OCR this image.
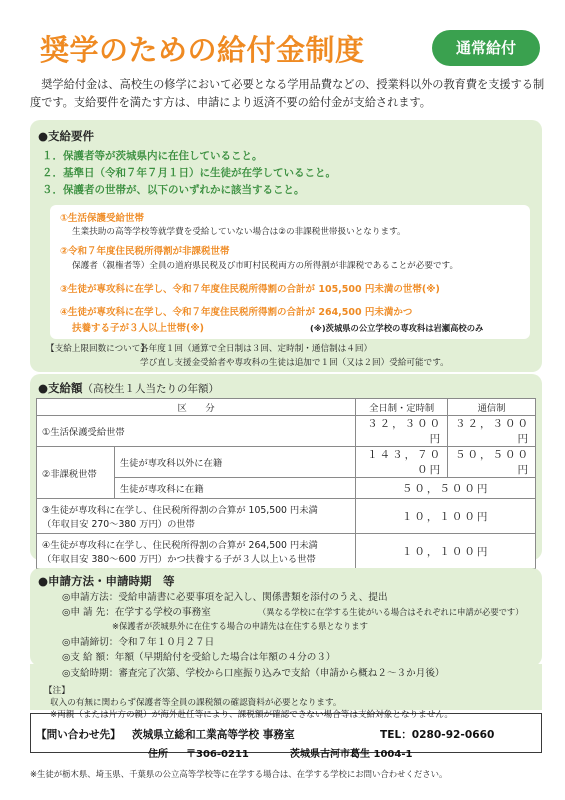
奨学のための給付金制度	通常給付
　奨学給付金は、高校生の修学において必要となる学用品費などの、授業料以外の教育費を支援する制度です。支給要件を満たす方は、申請により返済不要の給付金が支給されます。
●支給要件
１．保護者等が茨城県内に在住していること。
２．基準日（令和７年７月１日）に生徒が在学していること。
３．保護者の世帯が、以下のいずれかに該当すること。
①生活保護受給世帯
生業扶助の高等学校等就学費を受給していない場合は②の非課税世帯扱いとなります。
②令和７年度住民税所得割が非課税世帯
保護者（親権者等）全員の道府県民税及び市町村民税両方の所得割が非課税であることが必要です。
③生徒が専攻科に在学し、令和７年度住民税所得割の合計が 105,500 円未満の世帯(※)
④生徒が専攻科に在学し、令和７年度住民税所得割の合計が 264,500 円未満かつ
扶養する子が３人以上世帯(※)	(※)茨城県の公立学校の専攻科は岩瀬高校のみ
【支給上限回数について】
各年度１回（通算で全日制は３回、定時制・通信制は４回）
学び直し支援金受給者や専攻科の生徒は追加で１回（又は２回）受給可能です。
●支給額（高校生１人当たりの年額）
区　　分		全日制・定時制	通信制
①生活保護受給世帯		３２，３００円	３２，３００円
②非課税世帯	生徒が専攻科以外に在籍	１４３，７００円	５０，５００円
	生徒が専攻科に在籍	５０，５００円	

③生徒が専攻科に在学し、住民税所得割の合算が 105,500 円未満
（年収目安 270～380 万円）の世帯		１０，１００円	

④生徒が専攻科に在学し、住民税所得割の合算が 264,500 円未満
（年収目安 380～600 万円）かつ扶養する子が３人以上いる世帯		１０，１００円	
●申請方法・申請時期　等
◎申請方法：受給申請書に必要事項を記入し、関係書類を添付のうえ、提出
◎申 請 先：在学する学校の事務室	（異なる学校に在学する生徒がいる場合はそれぞれに申請が必要です）
※保護者が茨城県外に在住する場合の申請先は在住する県となります
◎申請締切：令和７年１０月２７日
◎支 給 額：年額（早期給付を受給した場合は年額の４分の３）
◎支給時期：審査完了次第、学校から口座振り込みで支給（申請から概ね２～３か月後）
【注】
収入の有無に関わらず保護者等全員の課税額の確認資料が必要となります。
※両親（または片方の親）が海外赴任等により、課税額が確認できない場合等は支給対象となりません。
【問い合わせ先】 茨城県立総和工業高等学校 事務室	TEL：0280-92-0660
住所 〒306-0211	茨城県古河市葛生 1004-1
※生徒が栃木県、埼玉県、千葉県の公立高等学校等に在学する場合は、在学する学校にお問い合わせください。
